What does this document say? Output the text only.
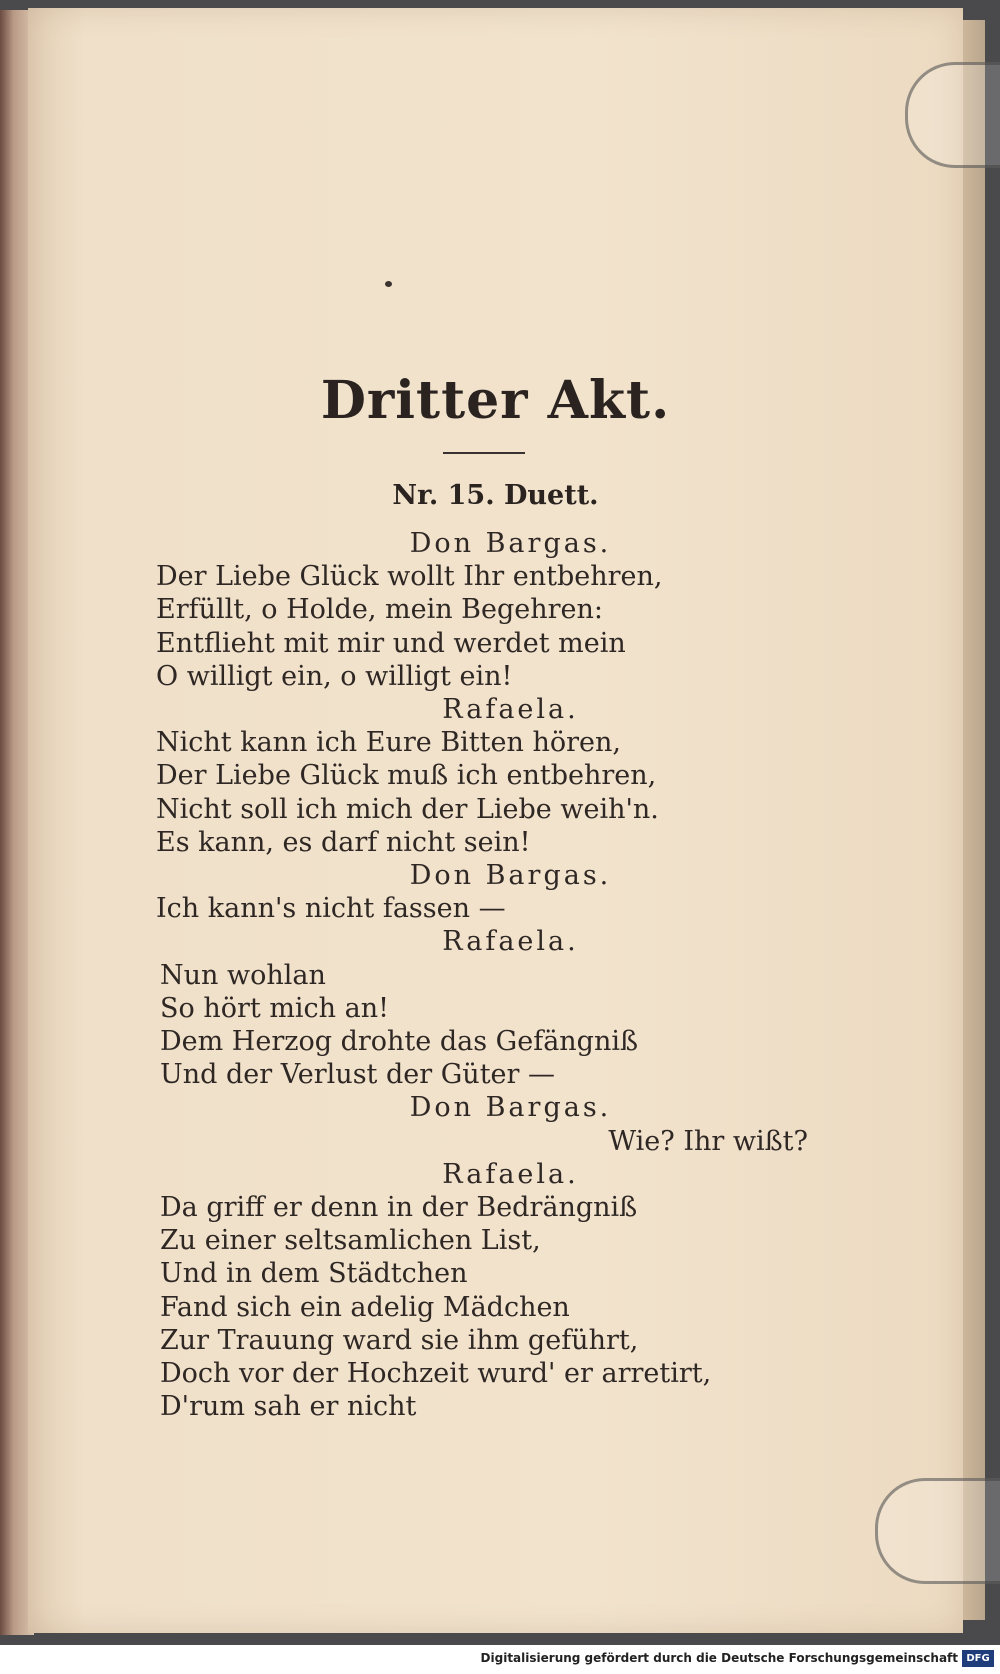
Dritter Akt.
Nr. 15. Duett.
Don Bargas.
Der Liebe Glück wollt Ihr entbehren,
Erfüllt, o Holde, mein Begehren:
Entflieht mit mir und werdet mein
O willigt ein, o willigt ein!
Rafaela.
Nicht kann ich Eure Bitten hören,
Der Liebe Glück muß ich entbehren,
Nicht soll ich mich der Liebe weih'n.
Es kann, es darf nicht sein!
Don Bargas.
Ich kann's nicht fassen —
Rafaela.
Nun wohlan
So hört mich an!
Dem Herzog drohte das Gefängniß
Und der Verlust der Güter —
Don Bargas.
Wie? Ihr wißt?
Rafaela.
Da griff er denn in der Bedrängniß
Zu einer seltsamlichen List,
Und in dem Städtchen
Fand sich ein adelig Mädchen
Zur Trauung ward sie ihm geführt,
Doch vor der Hochzeit wurd' er arretirt,
D'rum sah er nicht
Digitalisierung gefördert durch die Deutsche Forschungsgemeinschaft DFG
